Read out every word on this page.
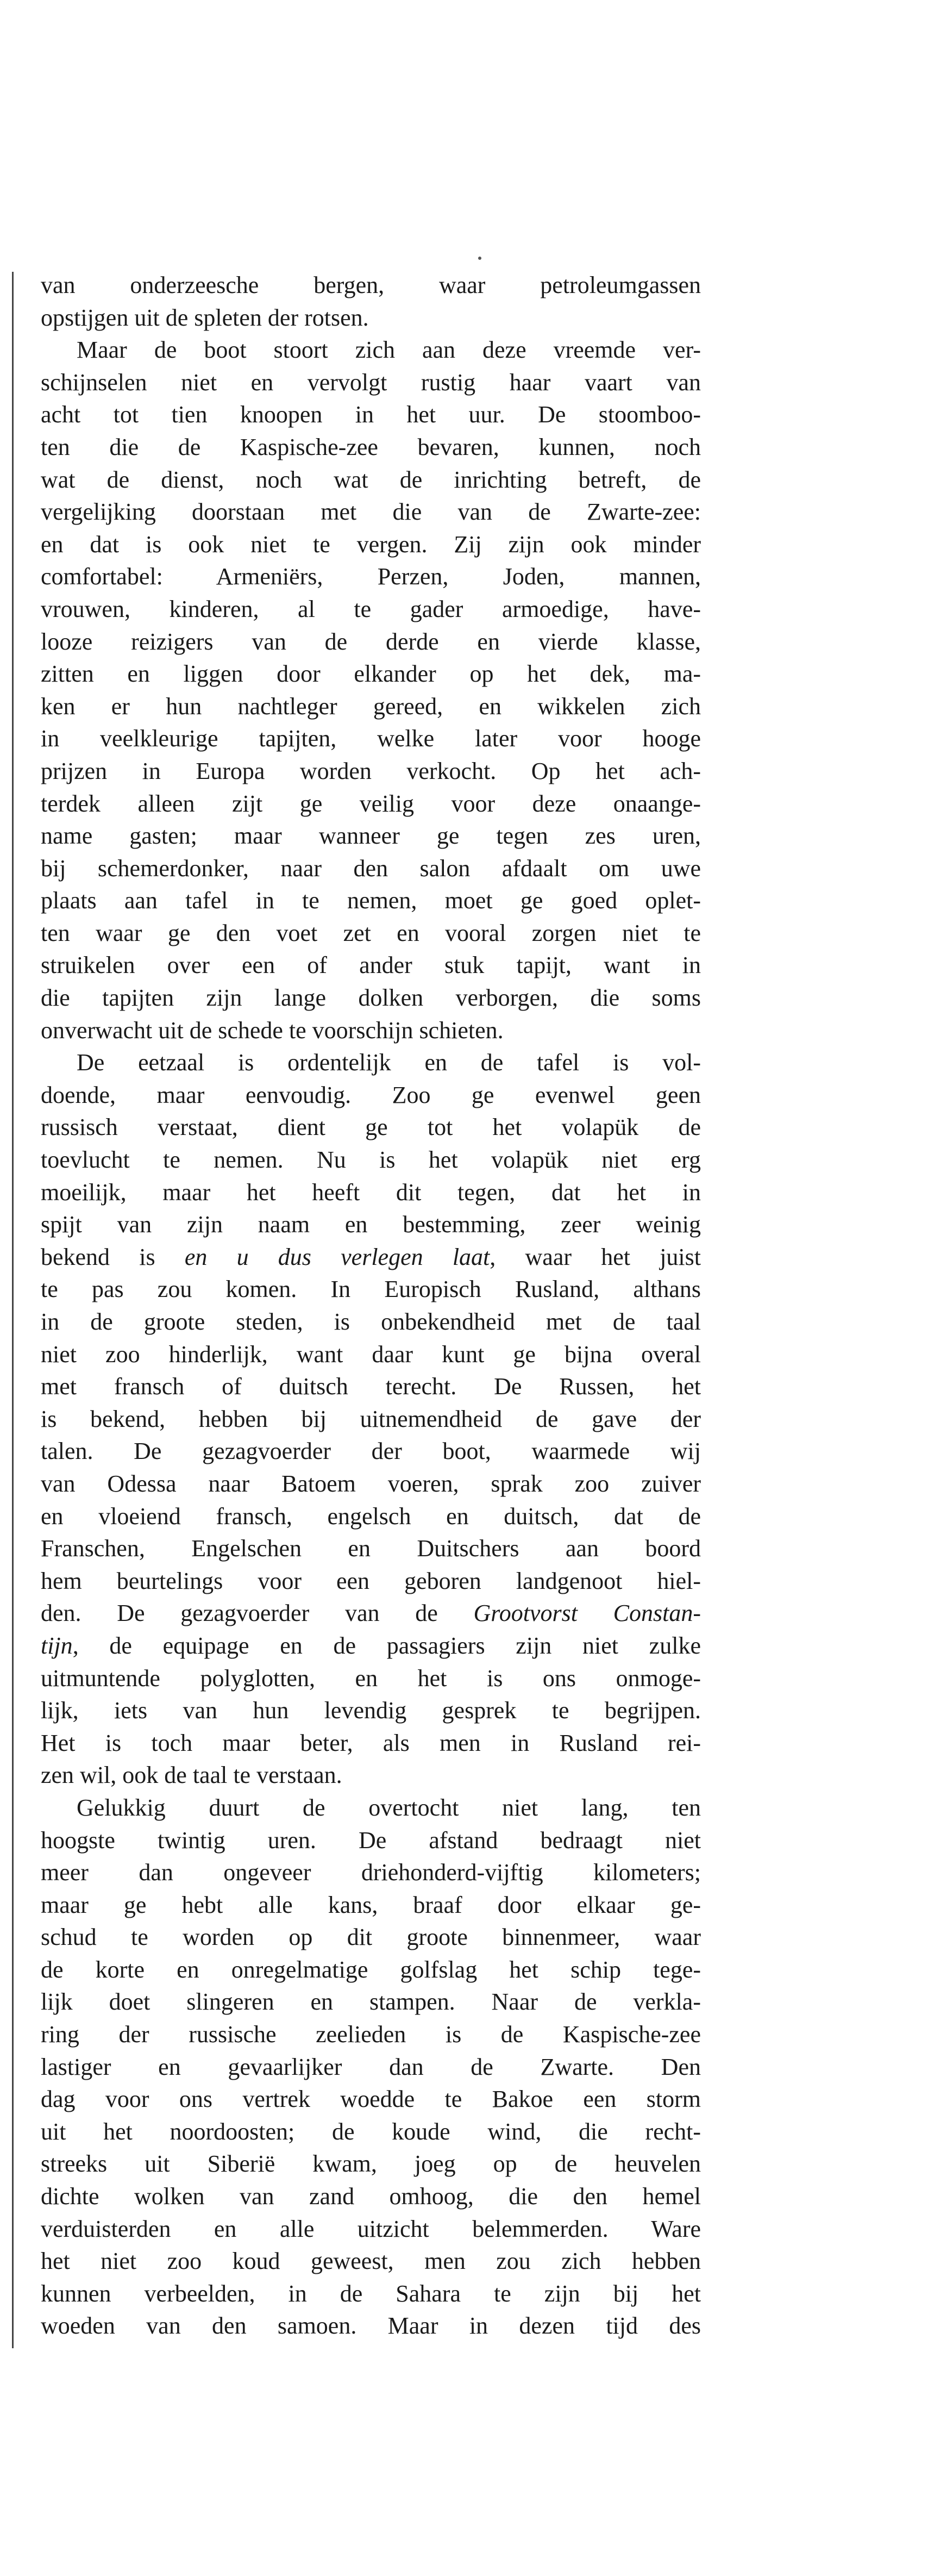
van onderzeesche bergen, waar petroleumgassen
opstijgen uit de spleten der rotsen.
Maar de boot stoort zich aan deze vreemde ver-
schijnselen niet en vervolgt rustig haar vaart van
acht tot tien knoopen in het uur. De stoomboo-
ten die de Kaspische-zee bevaren, kunnen, noch
wat de dienst, noch wat de inrichting betreft, de
vergelijking doorstaan met die van de Zwarte-zee:
en dat is ook niet te vergen. Zij zijn ook minder
comfortabel: Armeniërs, Perzen, Joden, mannen,
vrouwen, kinderen, al te gader armoedige, have-
looze reizigers van de derde en vierde klasse,
zitten en liggen door elkander op het dek, ma-
ken er hun nachtleger gereed, en wikkelen zich
in veelkleurige tapijten, welke later voor hooge
prijzen in Europa worden verkocht. Op het ach-
terdek alleen zijt ge veilig voor deze onaange-
name gasten; maar wanneer ge tegen zes uren,
bij schemerdonker, naar den salon afdaalt om uwe
plaats aan tafel in te nemen, moet ge goed oplet-
ten waar ge den voet zet en vooral zorgen niet te
struikelen over een of ander stuk tapijt, want in
die tapijten zijn lange dolken verborgen, die soms
onverwacht uit de schede te voorschijn schieten.
De eetzaal is ordentelijk en de tafel is vol-
doende, maar eenvoudig. Zoo ge evenwel geen
russisch verstaat, dient ge tot het volapük de
toevlucht te nemen. Nu is het volapük niet erg
moeilijk, maar het heeft dit tegen, dat het in
spijt van zijn naam en bestemming, zeer weinig
bekend is en u dus verlegen laat, waar het juist
te pas zou komen. In Europisch Rusland, althans
in de groote steden, is onbekendheid met de taal
niet zoo hinderlijk, want daar kunt ge bijna overal
met fransch of duitsch terecht. De Russen, het
is bekend, hebben bij uitnemendheid de gave der
talen. De gezagvoerder der boot, waarmede wij
van Odessa naar Batoem voeren, sprak zoo zuiver
en vloeiend fransch, engelsch en duitsch, dat de
Franschen, Engelschen en Duitschers aan boord
hem beurtelings voor een geboren landgenoot hiel-
den. De gezagvoerder van de Grootvorst Constan-
tijn, de equipage en de passagiers zijn niet zulke
uitmuntende polyglotten, en het is ons onmoge-
lijk, iets van hun levendig gesprek te begrijpen.
Het is toch maar beter, als men in Rusland rei-
zen wil, ook de taal te verstaan.
Gelukkig duurt de overtocht niet lang, ten
hoogste twintig uren. De afstand bedraagt niet
meer dan ongeveer driehonderd-vijftig kilometers;
maar ge hebt alle kans, braaf door elkaar ge-
schud te worden op dit groote binnenmeer, waar
de korte en onregelmatige golfslag het schip tege-
lijk doet slingeren en stampen. Naar de verkla-
ring der russische zeelieden is de Kaspische-zee
lastiger en gevaarlijker dan de Zwarte. Den
dag voor ons vertrek woedde te Bakoe een storm
uit het noordoosten; de koude wind, die recht-
streeks uit Siberië kwam, joeg op de heuvelen
dichte wolken van zand omhoog, die den hemel
verduisterden en alle uitzicht belemmerden. Ware
het niet zoo koud geweest, men zou zich hebben
kunnen verbeelden, in de Sahara te zijn bij het
woeden van den samoen. Maar in dezen tijd des
